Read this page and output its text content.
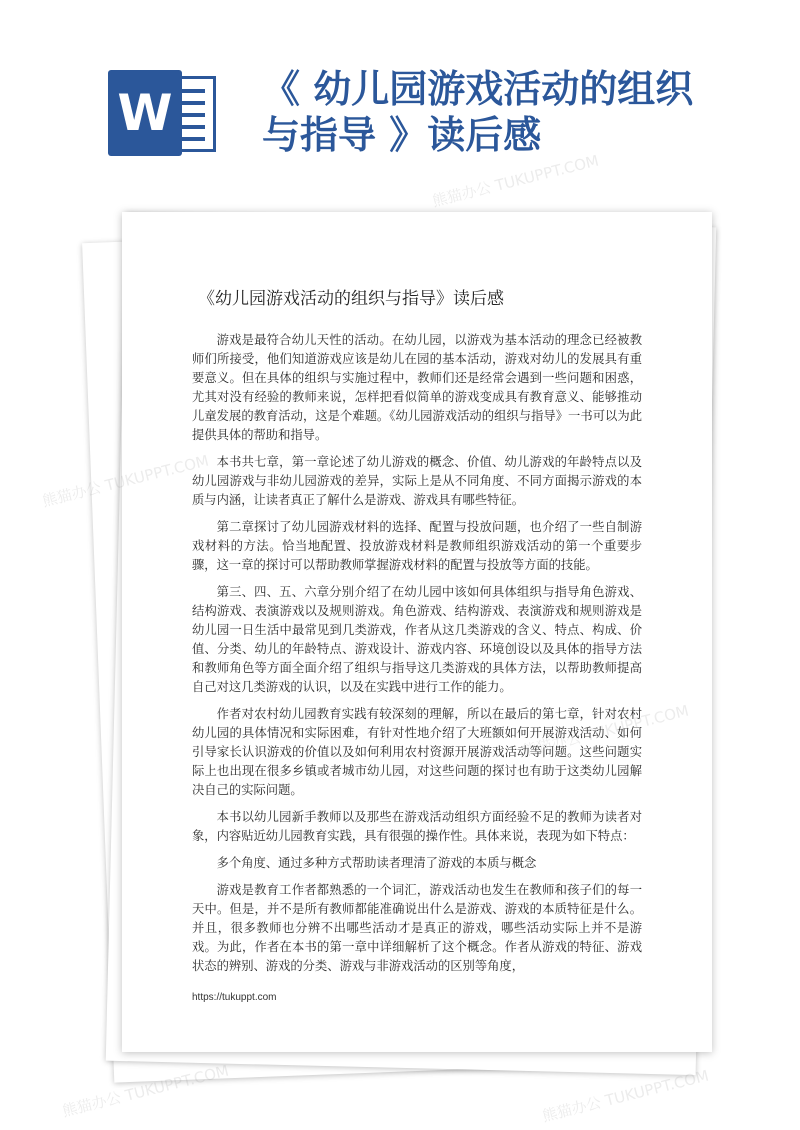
W 《 幼儿园游戏活动的组织与指导 》读后感
《幼儿园游戏活动的组织与指导》读后感

游戏是最符合幼儿天性的活动。在幼儿园，以游戏为基本活动的理念已经被教师们所接受，他们知道游戏应该是幼儿在园的基本活动，游戏对幼儿的发展具有重要意义。但在具体的组织与实施过程中，教师们还是经常会遇到一些问题和困惑，尤其对没有经验的教师来说，怎样把看似简单的游戏变成具有教育意义、能够推动儿童发展的教育活动，这是个难题。《幼儿园游戏活动的组织与指导》一书可以为此提供具体的帮助和指导。

本书共七章，第一章论述了幼儿游戏的概念、价值、幼儿游戏的年龄特点以及幼儿园游戏与非幼儿园游戏的差异，实际上是从不同角度、不同方面揭示游戏的本质与内涵，让读者真正了解什么是游戏、游戏具有哪些特征。

第二章探讨了幼儿园游戏材料的选择、配置与投放问题，也介绍了一些自制游戏材料的方法。恰当地配置、投放游戏材料是教师组织游戏活动的第一个重要步骤，这一章的探讨可以帮助教师掌握游戏材料的配置与投放等方面的技能。

第三、四、五、六章分别介绍了在幼儿园中该如何具体组织与指导角色游戏、结构游戏、表演游戏以及规则游戏。角色游戏、结构游戏、表演游戏和规则游戏是幼儿园一日生活中最常见到几类游戏，作者从这几类游戏的含义、特点、构成、价值、分类、幼儿的年龄特点、游戏设计、游戏内容、环境创设以及具体的指导方法和教师角色等方面全面介绍了组织与指导这几类游戏的具体方法，以帮助教师提高自己对这几类游戏的认识，以及在实践中进行工作的能力。

作者对农村幼儿园教育实践有较深刻的理解，所以在最后的第七章，针对农村幼儿园的具体情况和实际困难，有针对性地介绍了大班额如何开展游戏活动、如何引导家长认识游戏的价值以及如何利用农村资源开展游戏活动等问题。这些问题实际上也出现在很多乡镇或者城市幼儿园，对这些问题的探讨也有助于这类幼儿园解决自己的实际问题。

本书以幼儿园新手教师以及那些在游戏活动组织方面经验不足的教师为读者对象，内容贴近幼儿园教育实践，具有很强的操作性。具体来说，表现为如下特点：

多个角度、通过多种方式帮助读者理清了游戏的本质与概念

游戏是教育工作者都熟悉的一个词汇，游戏活动也发生在教师和孩子们的每一天中。但是，并不是所有教师都能准确说出什么是游戏、游戏的本质特征是什么。并且，很多教师也分辨不出哪些活动才是真正的游戏，哪些活动实际上并不是游戏。为此，作者在本书的第一章中详细解析了这个概念。作者从游戏的特征、游戏状态的辨别、游戏的分类、游戏与非游戏活动的区别等角度，

https://tukuppt.com
熊猫办公 TUKUPPT.COM
熊猫办公
熊猫办公 TUKUPPT.COM	熊猫办公 TUKUPPT.COM
